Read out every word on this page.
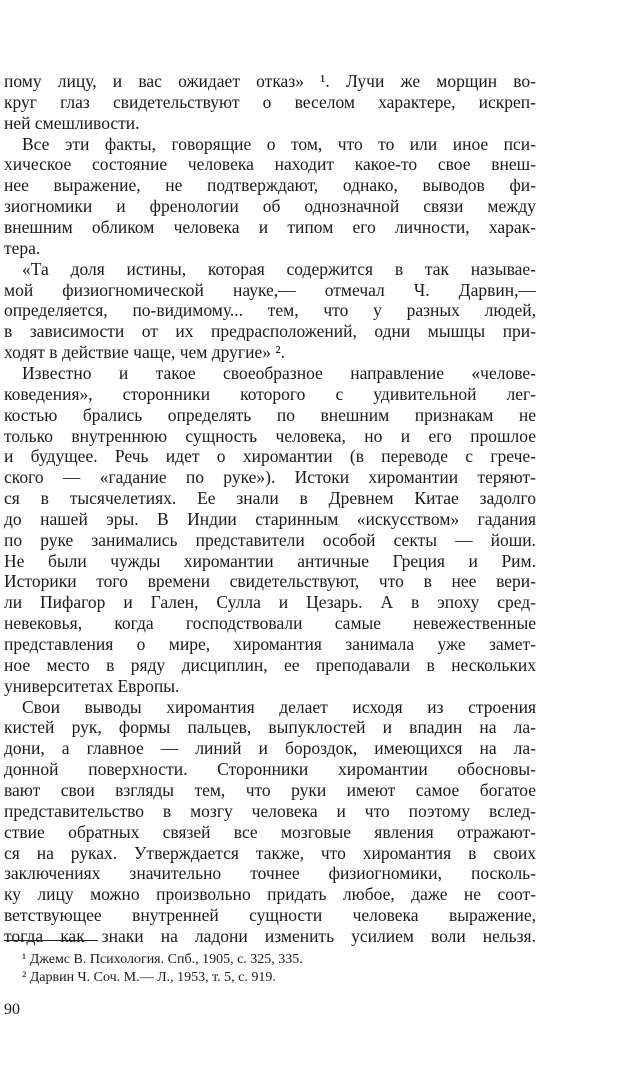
пому лицу, и вас ожидает отказ» ¹. Лучи же морщин во-
круг глаз свидетельствуют о веселом характере, искреп-
ней смешливости.
Все эти факты, говорящие о том, что то или иное пси-
хическое состояние человека находит какое-то свое внеш-
нее выражение, не подтверждают, однако, выводов фи-
зиогномики и френологии об однозначной связи между
внешним обликом человека и типом его личности, харак-
тера.
«Та доля истины, которая содержится в так называе-
мой физиогномической науке,— отмечал Ч. Дарвин,—
определяется, по-видимому... тем, что у разных людей,
в зависимости от их предрасположений, одни мышцы при-
ходят в действие чаще, чем другие» ².
Известно и такое своеобразное направление «челове-
коведения», сторонники которого с удивительной лег-
костью брались определять по внешним признакам не
только внутреннюю сущность человека, но и его прошлое
и будущее. Речь идет о хиромантии (в переводе с грече-
ского — «гадание по руке»). Истоки хиромантии теряют-
ся в тысячелетиях. Ее знали в Древнем Китае задолго
до нашей эры. В Индии старинным «искусством» гадания
по руке занимались представители особой секты — йоши.
Не были чужды хиромантии античные Греция и Рим.
Историки того времени свидетельствуют, что в нее вери-
ли Пифагор и Гален, Сулла и Цезарь. А в эпоху сред-
невековья, когда господствовали самые невежественные
представления о мире, хиромантия занимала уже замет-
ное место в ряду дисциплин, ее преподавали в нескольких
университетах Европы.
Свои выводы хиромантия делает исходя из строения
кистей рук, формы пальцев, выпуклостей и впадин на ла-
дони, а главное — линий и бороздок, имеющихся на ла-
донной поверхности. Сторонники хиромантии обосновы-
вают свои взгляды тем, что руки имеют самое богатое
представительство в мозгу человека и что поэтому вслед-
ствие обратных связей все мозговые явления отражают-
ся на руках. Утверждается также, что хиромантия в своих
заключениях значительно точнее физиогномики, посколь-
ку лицу можно произвольно придать любое, даже не соот-
ветствующее внутренней сущности человека выражение,
тогда как знаки на ладони изменить усилием воли нельзя.
¹ Джемс В. Психология. Спб., 1905, с. 325, 335.
² Дарвин Ч. Соч. М.— Л., 1953, т. 5, с. 919.
90
